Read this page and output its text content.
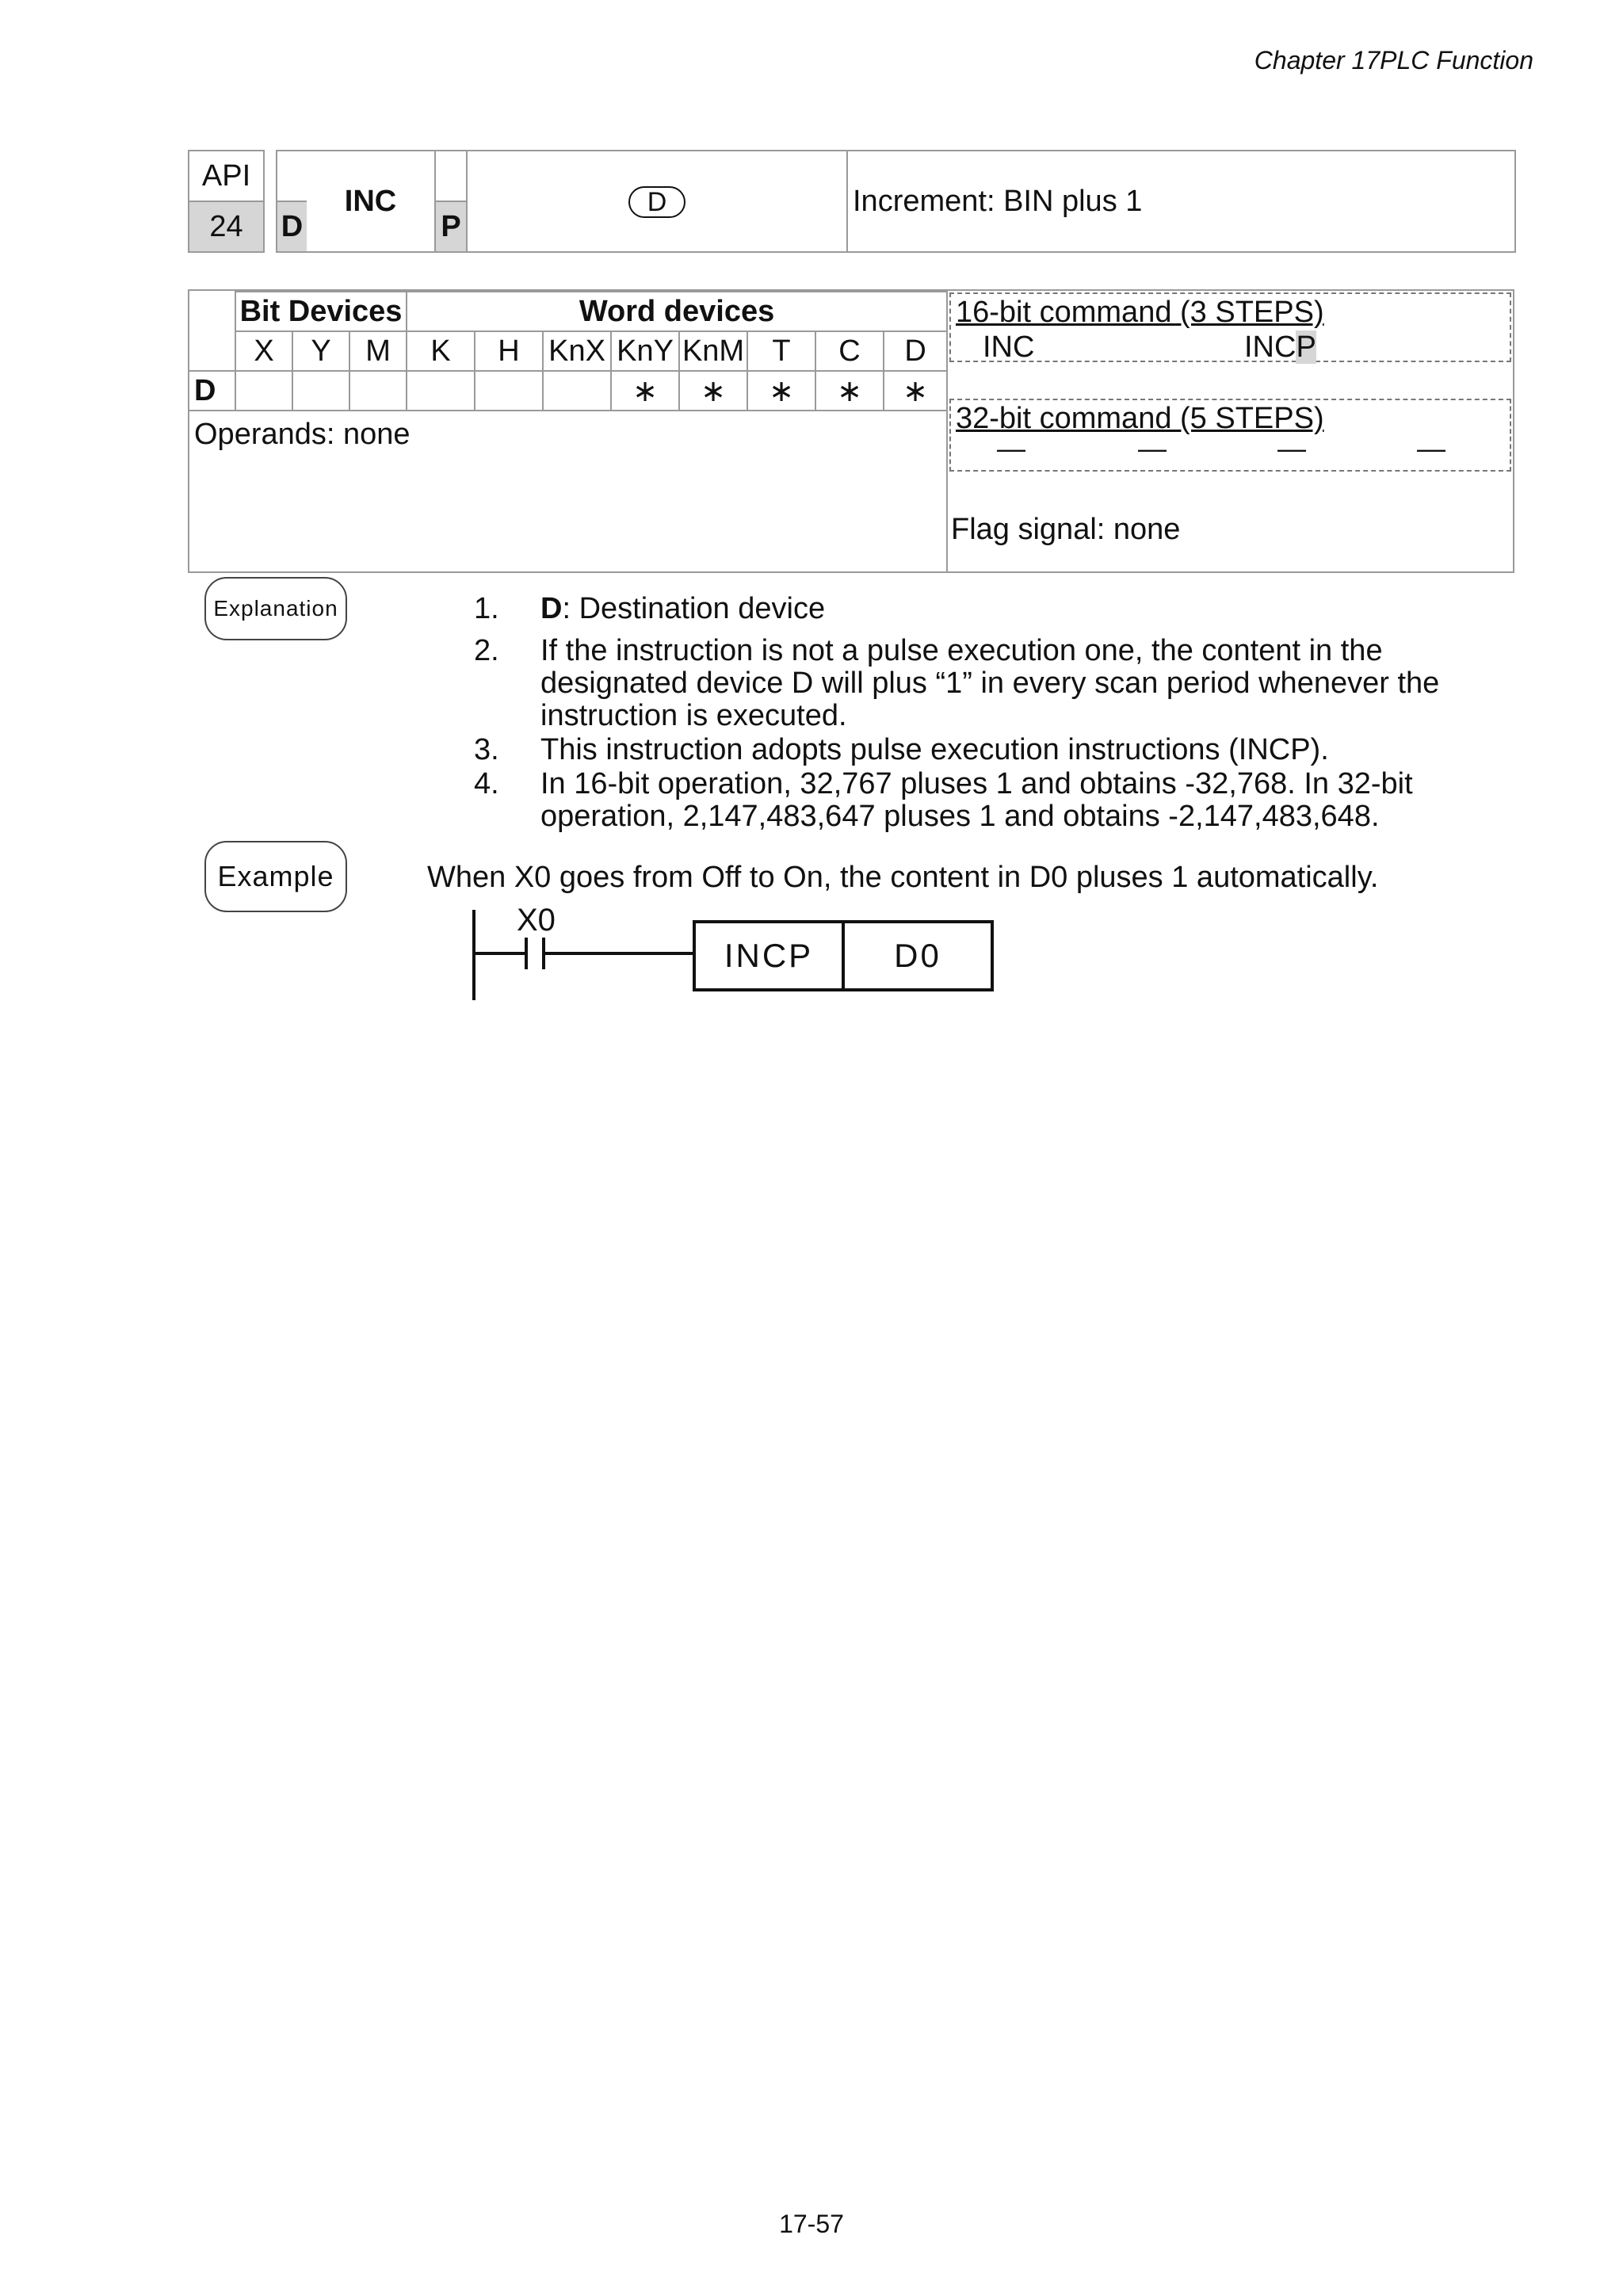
Chapter 17PLC Function
API			INC		D	Increment: BIN plus 1
24		D		P		
	Bit Devices			Word devices							
	X	Y	M	K	H	KnX	KnY	KnM	T	C	D
D							∗	∗	∗	∗	∗
Operands: none
16-bit command (3 STEPS)
INC	INCP
32-bit command (5 STEPS)
—	—	—	—
Flag signal: none
Explanation	1.	D: Destination device
2.	If the instruction is not a pulse execution one, the content in the designated device D will plus “1” in every scan period whenever the instruction is executed.
3.	This instruction adopts pulse execution instructions (INCP).
4.	In 16-bit operation, 32,767 pluses 1 and obtains -32,768. In 32-bit operation, 2,147,483,647 pluses 1 and obtains -2,147,483,648.
Example	When X0 goes from Off to On, the content in D0 pluses 1 automatically.
X0
INCP D0
17-57
